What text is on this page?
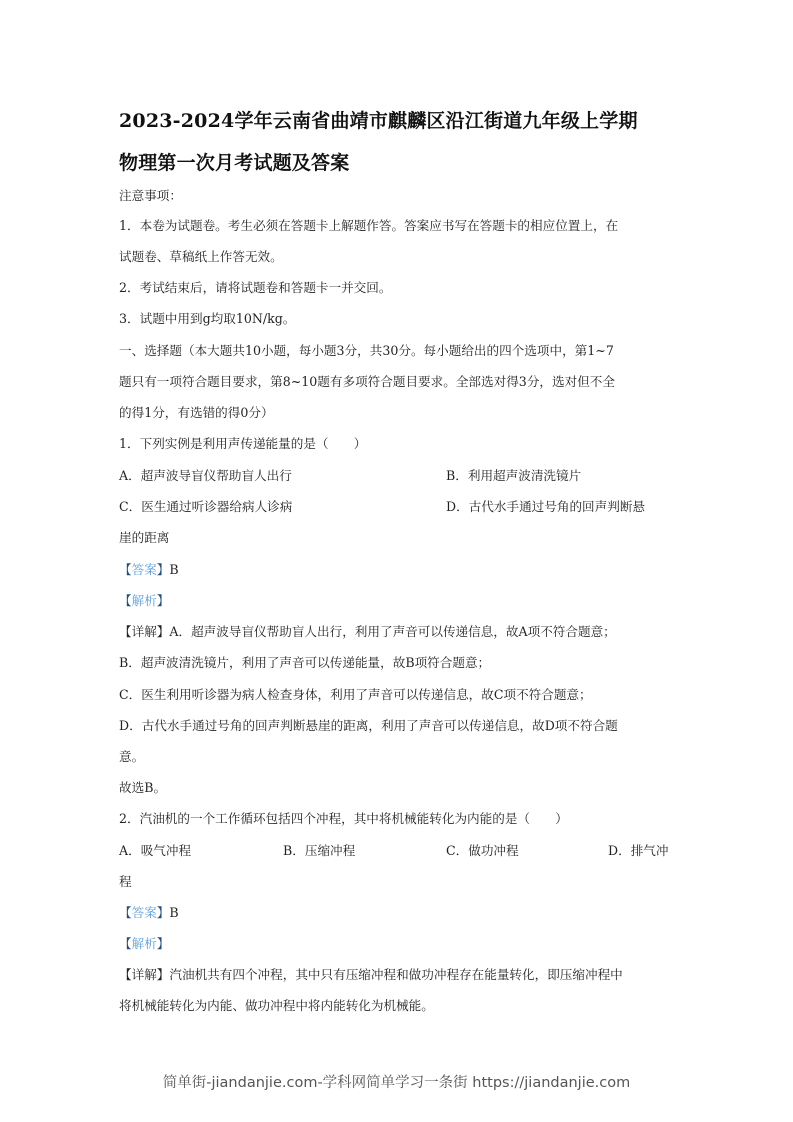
2023-2024学年云南省曲靖市麒麟区沿江街道九年级上学期
物理第一次月考试题及答案
注意事项：
1．本卷为试题卷。考生必须在答题卡上解题作答。答案应书写在答题卡的相应位置上，在
试题卷、草稿纸上作答无效。
2．考试结束后，请将试题卷和答题卡一并交回。
3．试题中用到g均取10N/kg。
一、选择题（本大题共10小题，每小题3分，共30分。每小题给出的四个选项中，第1~7
题只有一项符合题目要求，第8~10题有多项符合题目要求。全部选对得3分，选对但不全
的得1分，有选错的得0分）
1．下列实例是利用声传递能量的是（　　）
A．超声波导盲仪帮助盲人出行	B．利用超声波清洗镜片
C．医生通过听诊器给病人诊病	D．古代水手通过号角的回声判断悬
崖的距离
【答案】B
【解析】
【详解】A．超声波导盲仪帮助盲人出行，利用了声音可以传递信息，故A项不符合题意；
B．超声波清洗镜片，利用了声音可以传递能量，故B项符合题意；
C．医生利用听诊器为病人检查身体，利用了声音可以传递信息，故C项不符合题意；
D．古代水手通过号角的回声判断悬崖的距离，利用了声音可以传递信息，故D项不符合题
意。
故选B。
2．汽油机的一个工作循环包括四个冲程，其中将机械能转化为内能的是（　　）
A．吸气冲程	B．压缩冲程	C．做功冲程	D．排气冲
程
【答案】B
【解析】
【详解】汽油机共有四个冲程，其中只有压缩冲程和做功冲程存在能量转化，即压缩冲程中
将机械能转化为内能、做功冲程中将内能转化为机械能。
简单街-jiandanjie.com-学科网简单学习一条街 https://jiandanjie.com
